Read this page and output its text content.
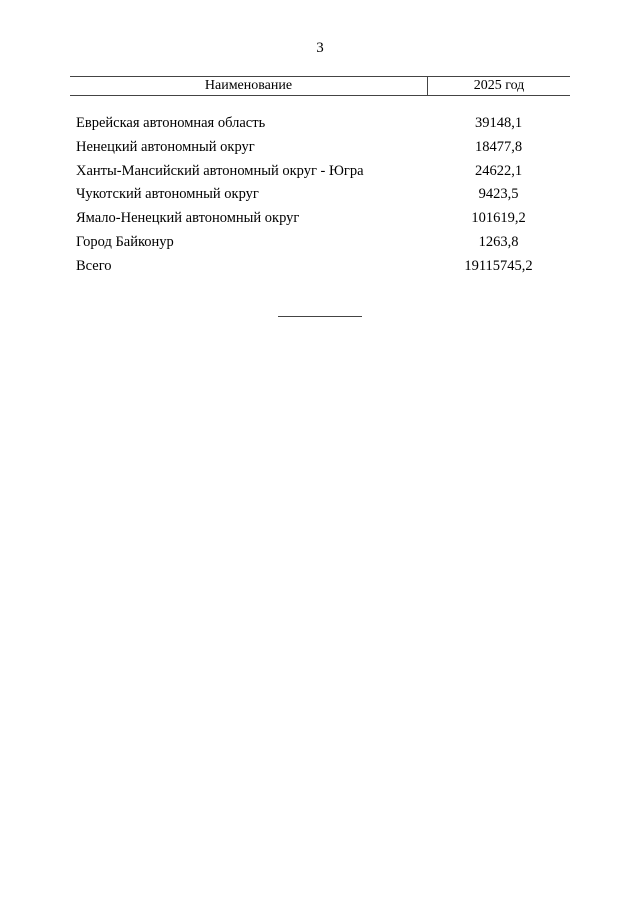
3
Наименование	2025 год
Еврейская автономная область	39148,1
Ненецкий автономный округ	18477,8
Ханты-Мансийский автономный округ - Югра	24622,1
Чукотский автономный округ	9423,5
Ямало-Ненецкий автономный округ	101619,2
Город Байконур	1263,8
Всего	19115745,2
